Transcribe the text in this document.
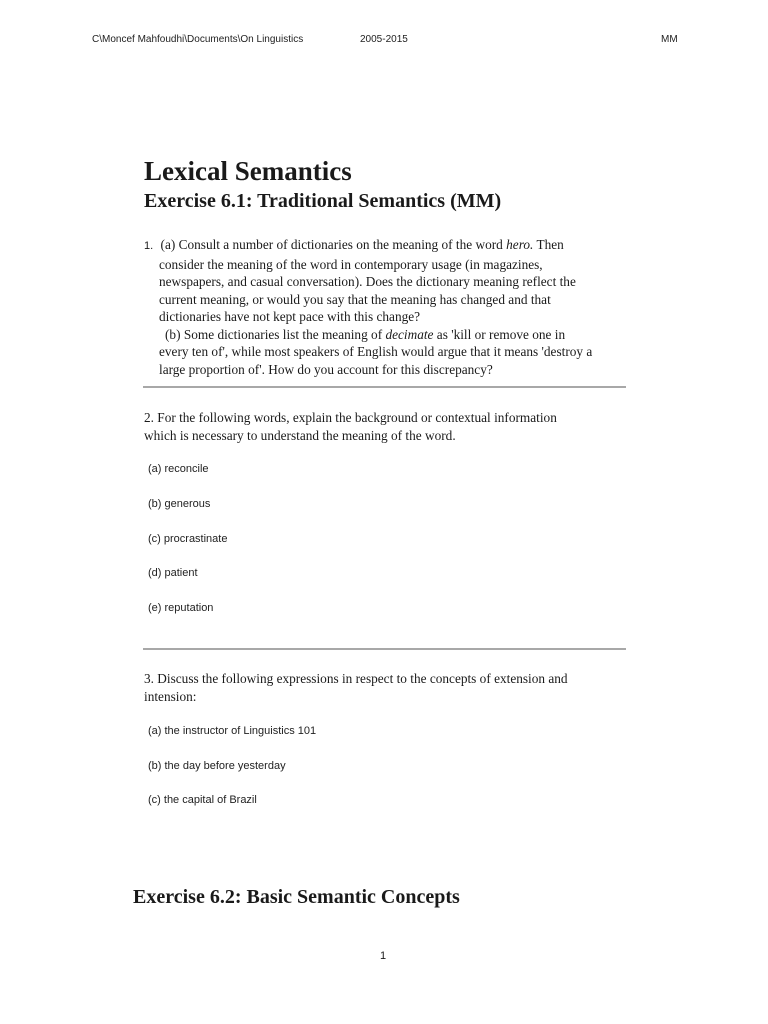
C\Moncef Mahfoudhi\Documents\On Linguistics	2005-2015	MM
Lexical Semantics
Exercise 6.1: Traditional Semantics (MM)
1. (a) Consult a number of dictionaries on the meaning of the word hero. Then
consider the meaning of the word in contemporary usage (in magazines,
newspapers, and casual conversation). Does the dictionary meaning reflect the
current meaning, or would you say that the meaning has changed and that
dictionaries have not kept pace with this change?
(b) Some dictionaries list the meaning of decimate as 'kill or remove one in
every ten of', while most speakers of English would argue that it means 'destroy a
large proportion of'. How do you account for this discrepancy?
2. For the following words, explain the background or contextual information
which is necessary to understand the meaning of the word.
(a) reconcile
(b) generous
(c) procrastinate
(d) patient
(e) reputation
3. Discuss the following expressions in respect to the concepts of extension and
intension:
(a) the instructor of Linguistics 101
(b) the day before yesterday
(c) the capital of Brazil
Exercise 6.2: Basic Semantic Concepts
1
